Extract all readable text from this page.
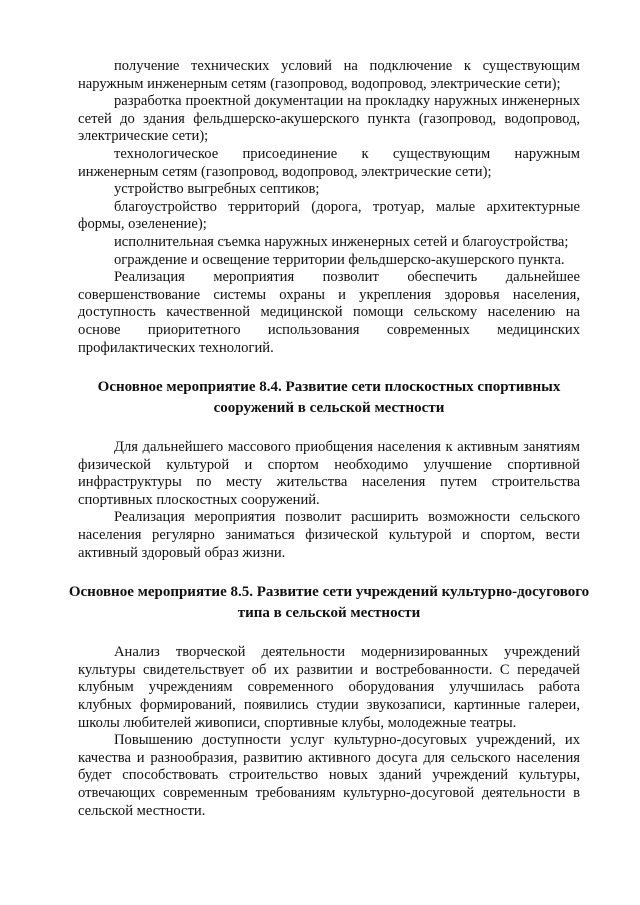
получение технических условий на подключение к существующим наружным инженерным сетям (газопровод, водопровод, электрические сети);

разработка проектной документации на прокладку наружных инженерных сетей до здания фельдшерско-акушерского пункта (газопровод, водопровод, электрические сети);

технологическое присоединение к существующим наружным инженерным сетям (газопровод, водопровод, электрические сети);

устройство выгребных септиков;

благоустройство территорий (дорога, тротуар, малые архитектурные формы, озеленение);

исполнительная съемка наружных инженерных сетей и благоустройства;

ограждение и освещение территории фельдшерско-акушерского пункта.

Реализация мероприятия позволит обеспечить дальнейшее совершенствование системы охраны и укрепления здоровья населения, доступность качественной медицинской помощи сельскому населению на основе приоритетного использования современных медицинских профилактических технологий.

Основное мероприятие 8.4. Развитие сети плоскостных спортивных сооружений в сельской местности

Для дальнейшего массового приобщения населения к активным занятиям физической культурой и спортом необходимо улучшение спортивной инфраструктуры по месту жительства населения путем строительства спортивных плоскостных сооружений.

Реализация мероприятия позволит расширить возможности сельского населения регулярно заниматься физической культурой и спортом, вести активный здоровый образ жизни.

Основное мероприятие 8.5. Развитие сети учреждений культурно-досугового типа в сельской местности

Анализ творческой деятельности модернизированных учреждений культуры свидетельствует об их развитии и востребованности. С передачей клубным учреждениям современного оборудования улучшилась работа клубных формирований, появились студии звукозаписи, картинные галереи, школы любителей живописи, спортивные клубы, молодежные театры.

Повышению доступности услуг культурно-досуговых учреждений, их качества и разнообразия, развитию активного досуга для сельского населения будет способствовать строительство новых зданий учреждений культуры, отвечающих современным требованиям культурно-досуговой деятельности в сельской местности.
